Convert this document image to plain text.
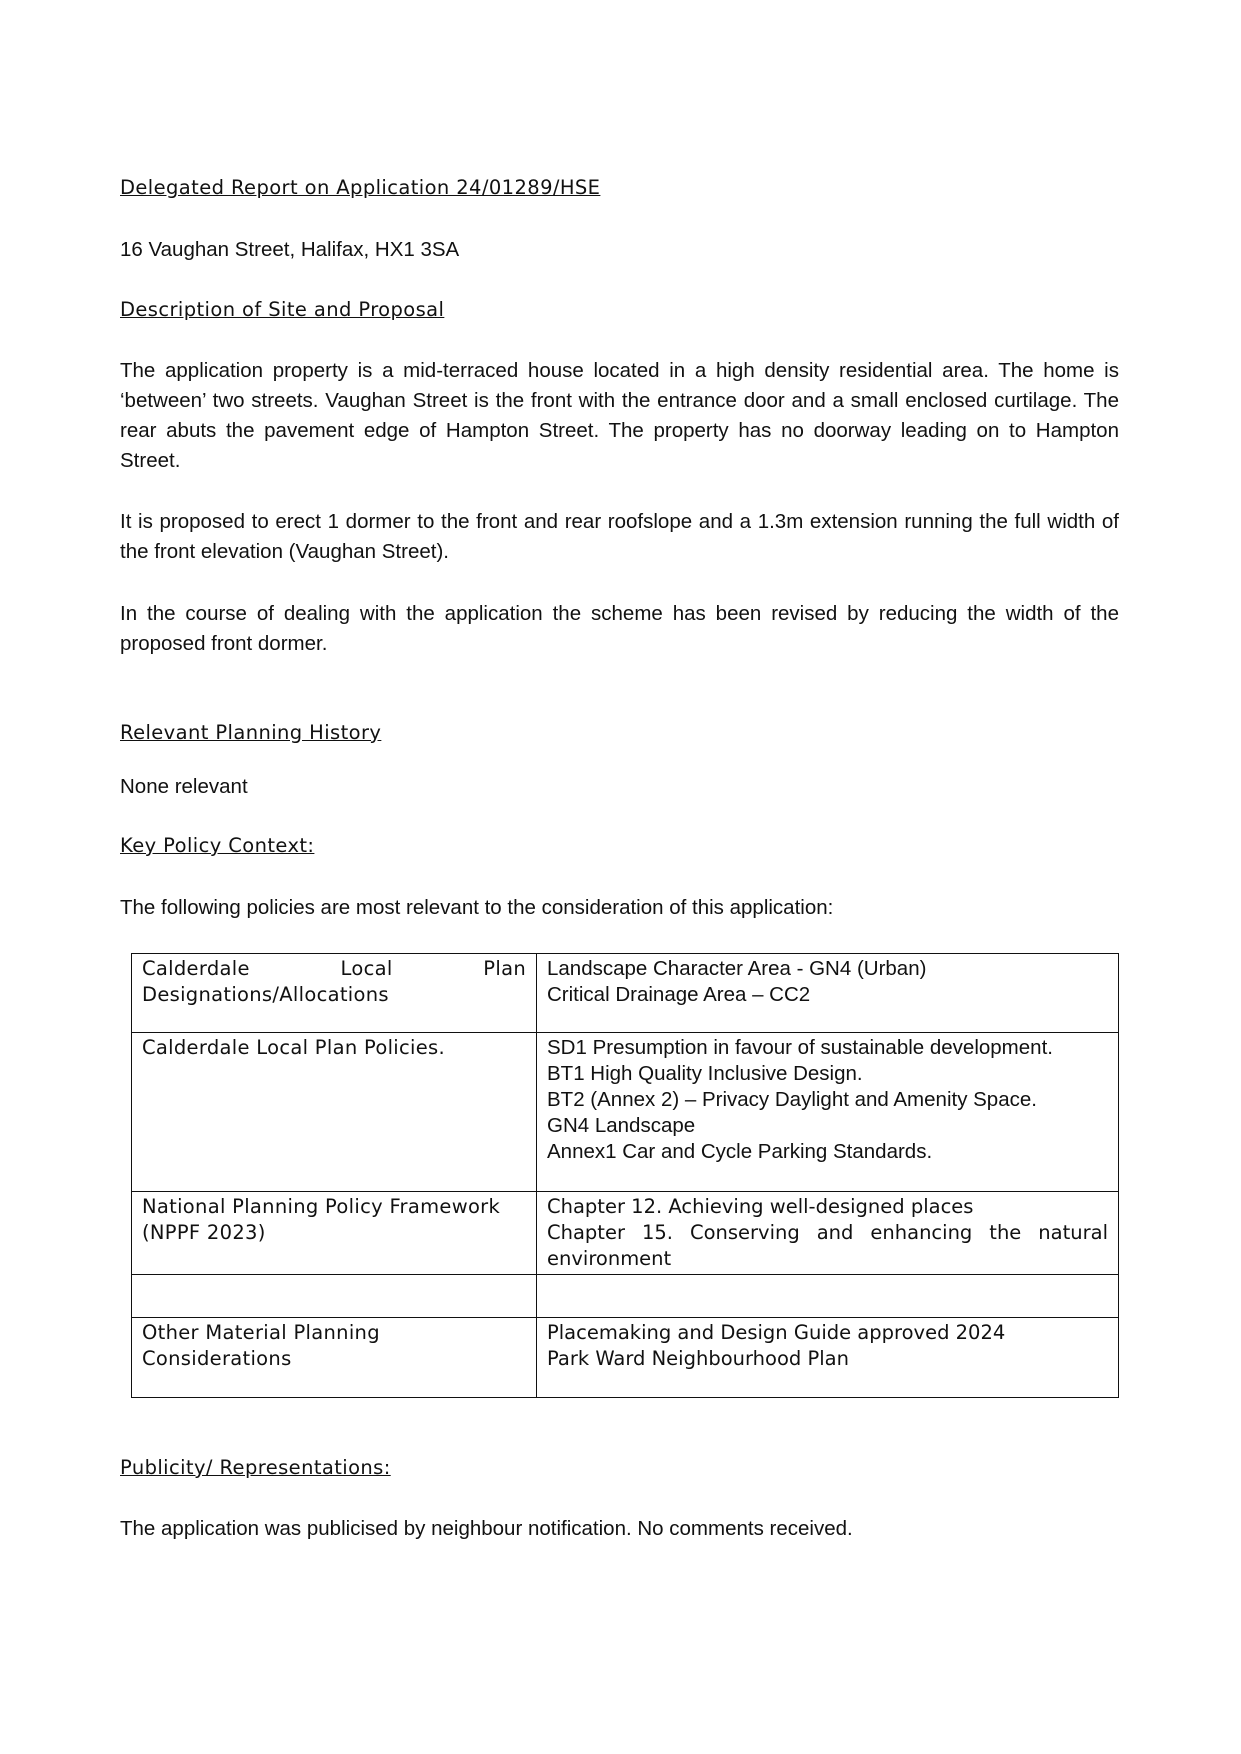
Delegated Report on Application 24/01289/HSE
16 Vaughan Street, Halifax, HX1 3SA
Description of Site and Proposal
The application property is a mid-terraced house located in a high density residential area. The home is ‘between’ two streets. Vaughan Street is the front with the entrance door and a small enclosed curtilage. The rear abuts the pavement edge of Hampton Street. The property has no doorway leading on to Hampton Street.
It is proposed to erect 1 dormer to the front and rear roofslope and a 1.3m extension running the full width of the front elevation (Vaughan Street).
In the course of dealing with the application the scheme has been revised by reducing the width of the proposed front dormer.
Relevant Planning History
None relevant
Key Policy Context:
The following policies are most relevant to the consideration of this application:
Calderdale Local Plan Designations/Allocations	Landscape Character Area - GN4 (Urban)
Critical Drainage Area – CC2

Calderdale Local Plan Policies.	SD1 Presumption in favour of sustainable development.
BT1 High Quality Inclusive Design.
BT2 (Annex 2) – Privacy Daylight and Amenity Space.
GN4 Landscape
Annex1 Car and Cycle Parking Standards.

National Planning Policy Framework (NPPF 2023)	Chapter 12. Achieving well-designed places
Chapter 15. Conserving and enhancing the natural environment

Other Material Planning Considerations	Placemaking and Design Guide approved 2024
Park Ward Neighbourhood Plan
Publicity/ Representations:
The application was publicised by neighbour notification. No comments received.
